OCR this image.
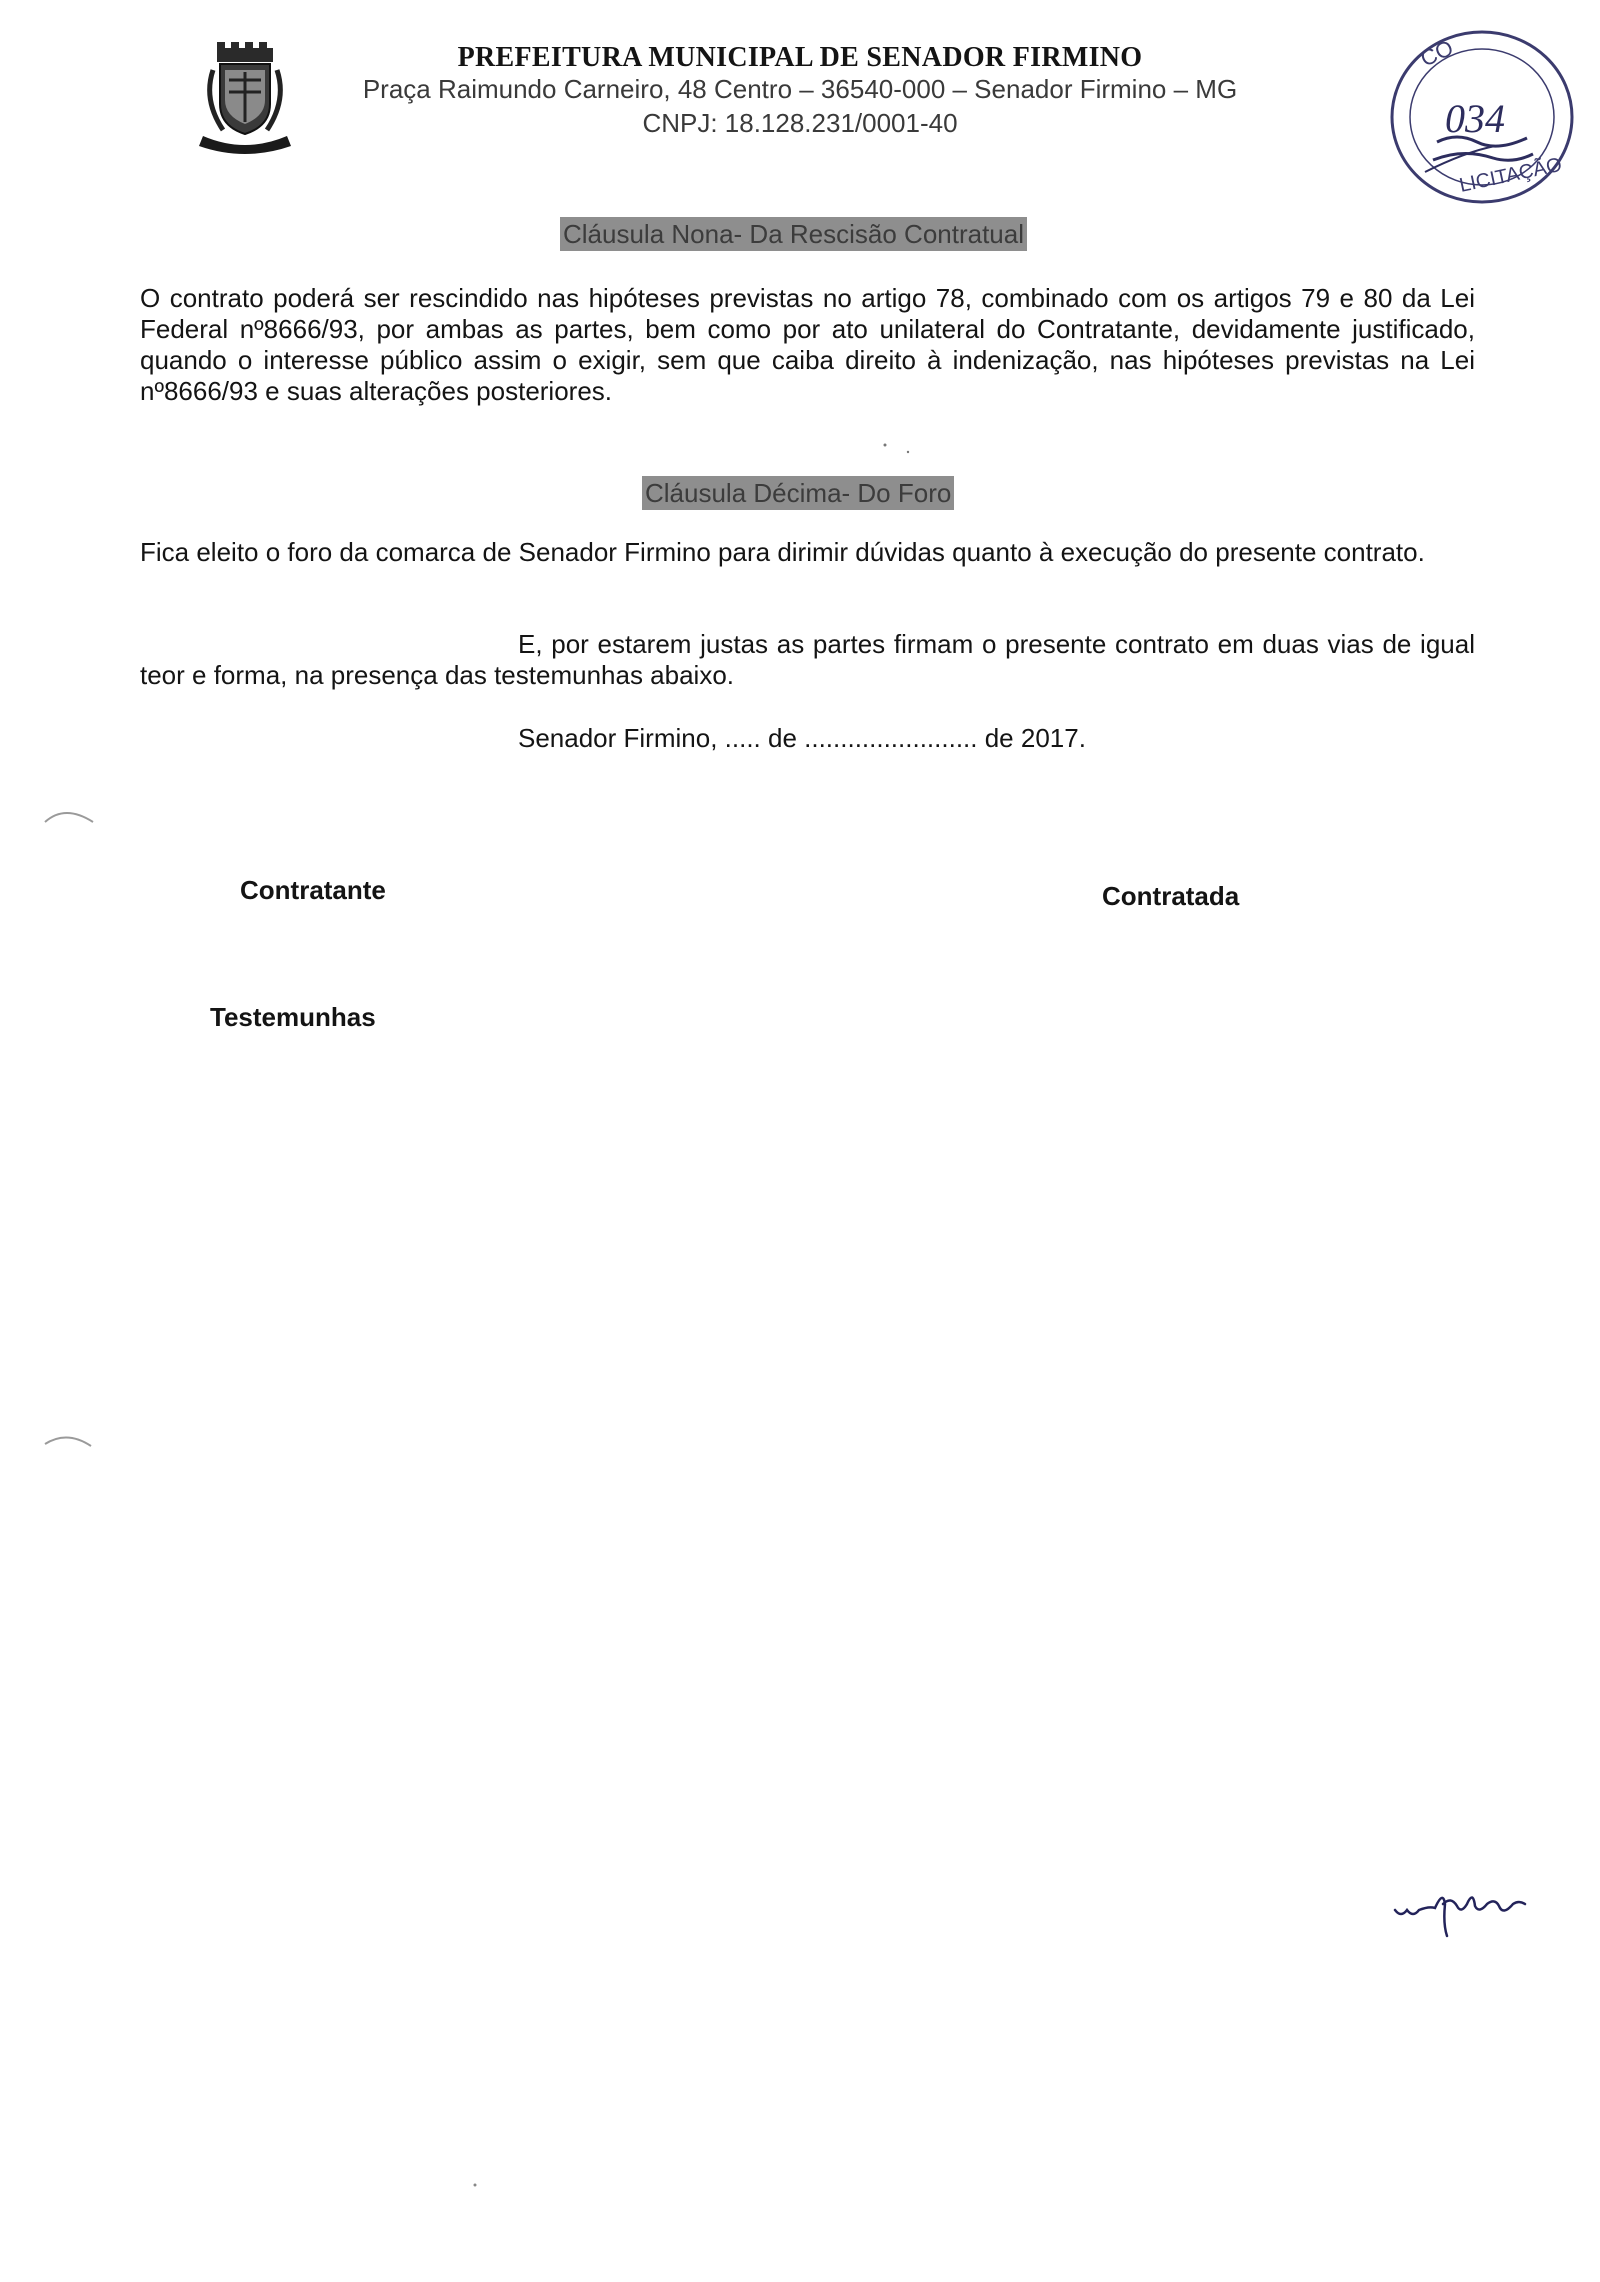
PREFEITURA MUNICIPAL DE SENADOR FIRMINO
Praça Raimundo Carneiro, 48 Centro – 36540-000 – Senador Firmino – MG
CNPJ: 18.128.231/0001-40
CO
LICITAÇÃO
034
Cláusula Nona- Da Rescisão Contratual
O contrato poderá ser rescindido nas hipóteses previstas no artigo 78, combinado com os artigos 79 e 80 da Lei Federal nº8666/93, por ambas as partes, bem como por ato unilateral do Contratante, devidamente justificado, quando o interesse público assim o exigir, sem que caiba direito à indenização, nas hipóteses previstas na Lei nº8666/93 e suas alterações posteriores.
Cláusula Décima- Do Foro
Fica eleito o foro da comarca de Senador Firmino para dirimir dúvidas quanto à execução do presente contrato.
E, por estarem justas as partes firmam o presente contrato em duas vias de igual teor e forma, na presença das testemunhas abaixo.
Senador Firmino, ..... de ........................ de 2017.
Contratante	Contratada
Testemunhas
